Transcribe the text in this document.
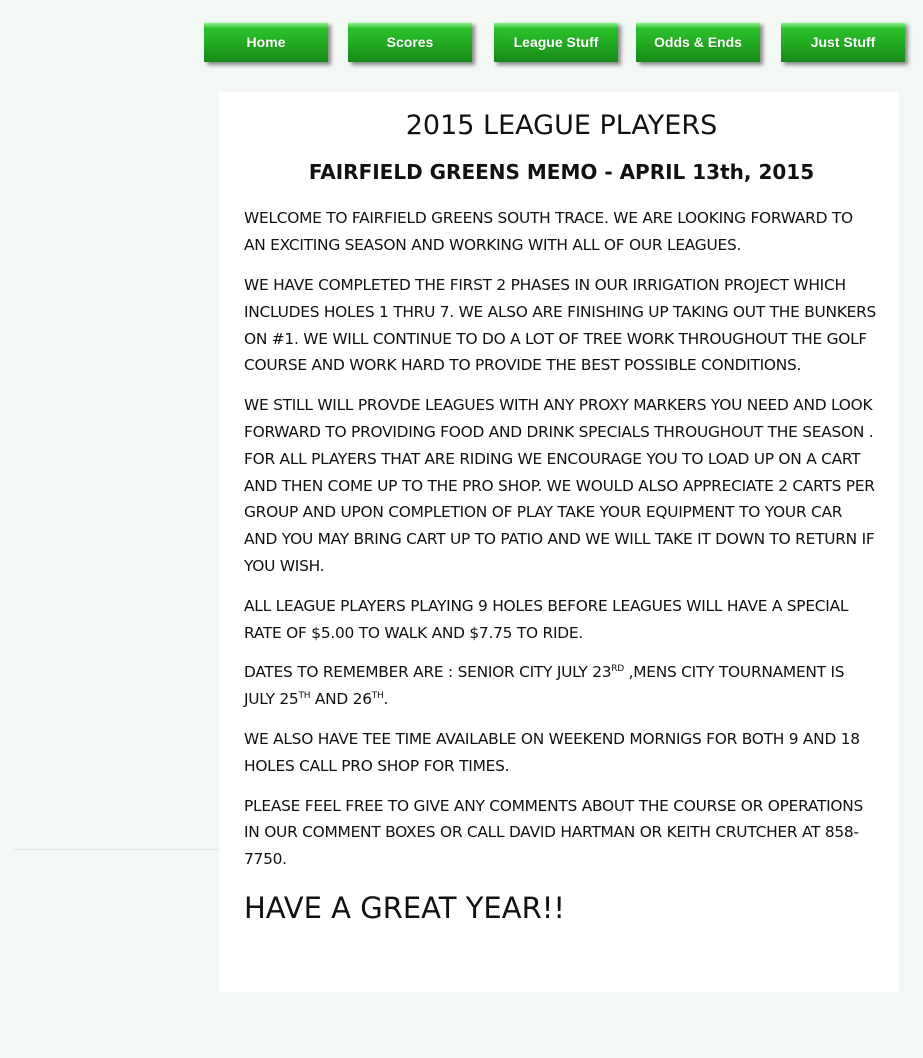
Home	Scores	League Stuff	Odds & Ends	Just Stuff
2015 LEAGUE PLAYERS
FAIRFIELD GREENS MEMO - APRIL 13th, 2015

WELCOME TO FAIRFIELD GREENS SOUTH TRACE. WE ARE LOOKING FORWARD TO AN EXCITING SEASON AND WORKING WITH ALL OF OUR LEAGUES.

WE HAVE COMPLETED THE FIRST 2 PHASES IN OUR IRRIGATION PROJECT WHICH INCLUDES HOLES 1 THRU 7. WE ALSO ARE FINISHING UP TAKING OUT THE BUNKERS ON #1. WE WILL CONTINUE TO DO A LOT OF TREE WORK THROUGHOUT THE GOLF COURSE AND WORK HARD TO PROVIDE THE BEST POSSIBLE CONDITIONS.

WE STILL WILL PROVDE LEAGUES WITH ANY PROXY MARKERS YOU NEED AND LOOK FORWARD TO PROVIDING FOOD AND DRINK SPECIALS THROUGHOUT THE SEASON . FOR ALL PLAYERS THAT ARE RIDING WE ENCOURAGE YOU TO LOAD UP ON A CART AND THEN COME UP TO THE PRO SHOP. WE WOULD ALSO APPRECIATE 2 CARTS PER GROUP AND UPON COMPLETION OF PLAY TAKE YOUR EQUIPMENT TO YOUR CAR AND YOU MAY BRING CART UP TO PATIO AND WE WILL TAKE IT DOWN TO RETURN IF YOU WISH.

ALL LEAGUE PLAYERS PLAYING 9 HOLES BEFORE LEAGUES WILL HAVE A SPECIAL RATE OF $5.00 TO WALK AND $7.75 TO RIDE.

DATES TO REMEMBER ARE : SENIOR CITY JULY 23RD ,MENS CITY TOURNAMENT IS JULY 25TH AND 26TH.

WE ALSO HAVE TEE TIME AVAILABLE ON WEEKEND MORNIGS FOR BOTH 9 AND 18 HOLES CALL PRO SHOP FOR TIMES.

PLEASE FEEL FREE TO GIVE ANY COMMENTS ABOUT THE COURSE OR OPERATIONS IN OUR COMMENT BOXES OR CALL DAVID HARTMAN OR KEITH CRUTCHER AT 858-7750.

HAVE A GREAT YEAR!!
